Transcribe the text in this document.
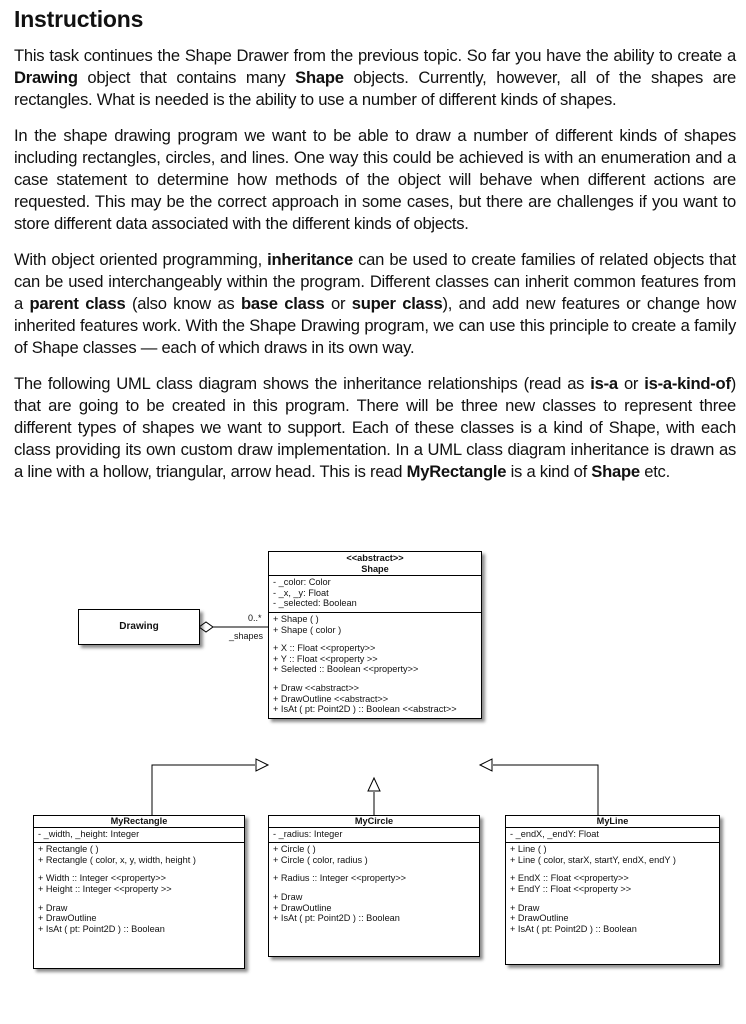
Instructions

This task continues the Shape Drawer from the previous topic. So far you have the ability to create a Drawing object that contains many Shape objects. Currently, however, all of the shapes are rectangles. What is needed is the ability to use a number of different kinds of shapes.

In the shape drawing program we want to be able to draw a number of different kinds of shapes including rectangles, circles, and lines. One way this could be achieved is with an enumeration and a case statement to determine how methods of the object will behave when different actions are requested. This may be the correct approach in some cases, but there are challenges if you want to store different data associated with the different kinds of objects.

With object oriented programming, inheritance can be used to create families of related objects that can be used interchangeably within the program. Different classes can inherit common features from a parent class (also know as base class or super class), and add new features or change how inherited features work. With the Shape Drawing program, we can use this principle to create a family of Shape classes — each of which draws in its own way.

The following UML class diagram shows the inheritance relationships (read as is-a or is-a-kind-of) that are going to be created in this program. There will be three new classes to represent three different types of shapes we want to support. Each of these classes is a kind of Shape, with each class providing its own custom draw implementation. In a UML class diagram inheritance is drawn as a line with a hollow, triangular, arrow head. This is read MyRectangle is a kind of Shape etc.

0..*
_shapes
Drawing
<<abstract>>
Shape
- _color: Color
- _x, _y: Float
- _selected: Boolean
+ Shape ( )
+ Shape ( color )
+ X :: Float <<property>>
+ Y :: Float <<property >>
+ Selected :: Boolean <<property>>
+ Draw <<abstract>>
+ DrawOutline <<abstract>>
+ IsAt ( pt: Point2D ) :: Boolean <<abstract>>
MyRectangle
- _width, _height: Integer
+ Rectangle ( )
+ Rectangle ( color, x, y, width, height )
+ Width :: Integer <<property>>
+ Height :: Integer <<property >>
+ Draw
+ DrawOutline
+ IsAt ( pt: Point2D ) :: Boolean
MyCircle
- _radius: Integer
+ Circle ( )
+ Circle ( color, radius )
+ Radius :: Integer <<property>>
+ Draw
+ DrawOutline
+ IsAt ( pt: Point2D ) :: Boolean
MyLine
- _endX, _endY: Float
+ Line ( )
+ Line ( color, starX, startY, endX, endY )
+ EndX :: Float <<property>>
+ EndY :: Float <<property >>
+ Draw
+ DrawOutline
+ IsAt ( pt: Point2D ) :: Boolean
